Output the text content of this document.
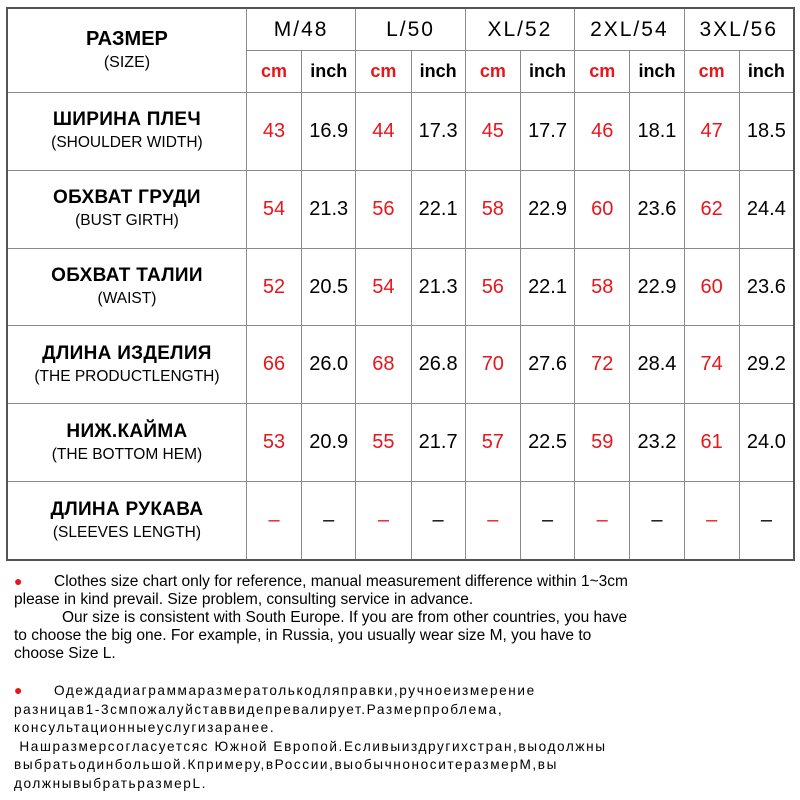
РАЗМЕР
(SIZE)	M/48		L/50		XL/52		2XL/54		3XL/56	
	cm	inch	cm	inch	cm	inch	cm	inch	cm	inch

ШИРИНА ПЛЕЧ
(SHOULDER WIDTH)	43	16.9	44	17.3	45	17.7	46	18.1	47	18.5

ОБХВАТ ГРУДИ
(BUST GIRTH)	54	21.3	56	22.1	58	22.9	60	23.6	62	24.4

ОБХВАТ ТАЛИИ
(WAIST)	52	20.5	54	21.3	56	22.1	58	22.9	60	23.6

ДЛИНА ИЗДЕЛИЯ
(THE PRODUCTLENGTH)	66	26.0	68	26.8	70	27.6	72	28.4	74	29.2

НИЖ.КАЙМА
(THE BOTTOM HEM)	53	20.9	55	21.7	57	22.5	59	23.2	61	24.0

ДЛИНА РУКАВА
(SLEEVES LENGTH)	–	–	–	–	–	–	–	–	–	–

● Clothes size chart only for reference, manual measurement difference within 1~3cm

please in kind prevail. Size problem, consulting service in advance.

Our size is consistent with South Europe. If you are from other countries, you have

to choose the big one. For example, in Russia, you usually wear size M, you have to

choose Size L.

● Одеждадиаграммаразмератолькодляправки,ручноеизмерение

разницав1-3смпожалуйставвидепревалирует.Размерпроблема,

консультационныеуслугизаранее.

Нашразмерсогласуетсяс Южной Европой.Есливыиздругихстран,выодолжны

выбратьодинбольшой.Кпримеру,вРоссии,выобычноноситеразмерМ,вы

должнывыбратьразмерL.
